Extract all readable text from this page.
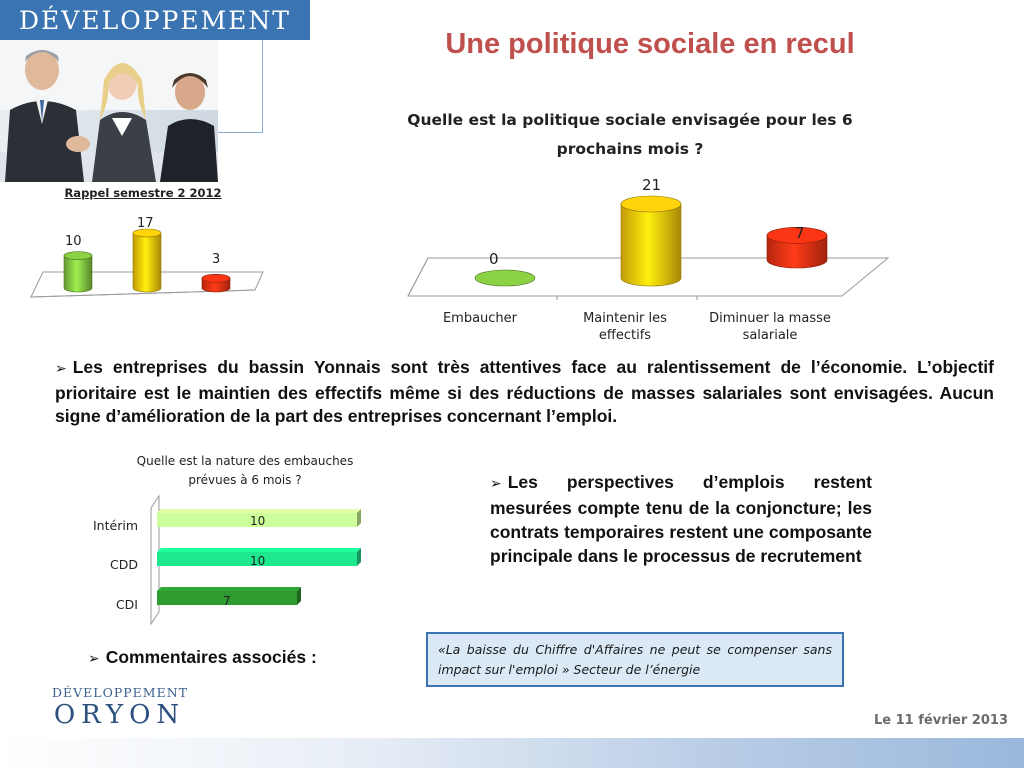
DÉVELOPPEMENT
Une politique sociale en recul
Rappel semestre 2 2012
10
17
3
Quelle est la politique sociale envisagée pour les 6 prochains mois ?
0
21
7
Embaucher	Maintenir les effectifs
Diminuer la masse salariale

➢ Les entreprises du bassin Yonnais sont très attentives face au ralentissement de l’économie. L’objectif prioritaire est le maintien des effectifs même si des réductions de masses salariales sont envisagées. Aucun signe d’amélioration de la part des entreprises concernant l’emploi.

Quelle est la nature des embauches prévues à 6 mois ?
Intérim
CDD
CDI
10
10
7

➢ Les perspectives d’emplois restent mesurées compte tenu de la conjoncture; les contrats temporaires restent une composante principale dans le processus de recrutement

➢ Commentaires associés :	«La baisse du Chiffre d'Affaires ne peut se compenser sans impact sur l'emploi » Secteur de l’énergie
DÉVELOPPEMENT
ORYON	Le 11 février 2013
